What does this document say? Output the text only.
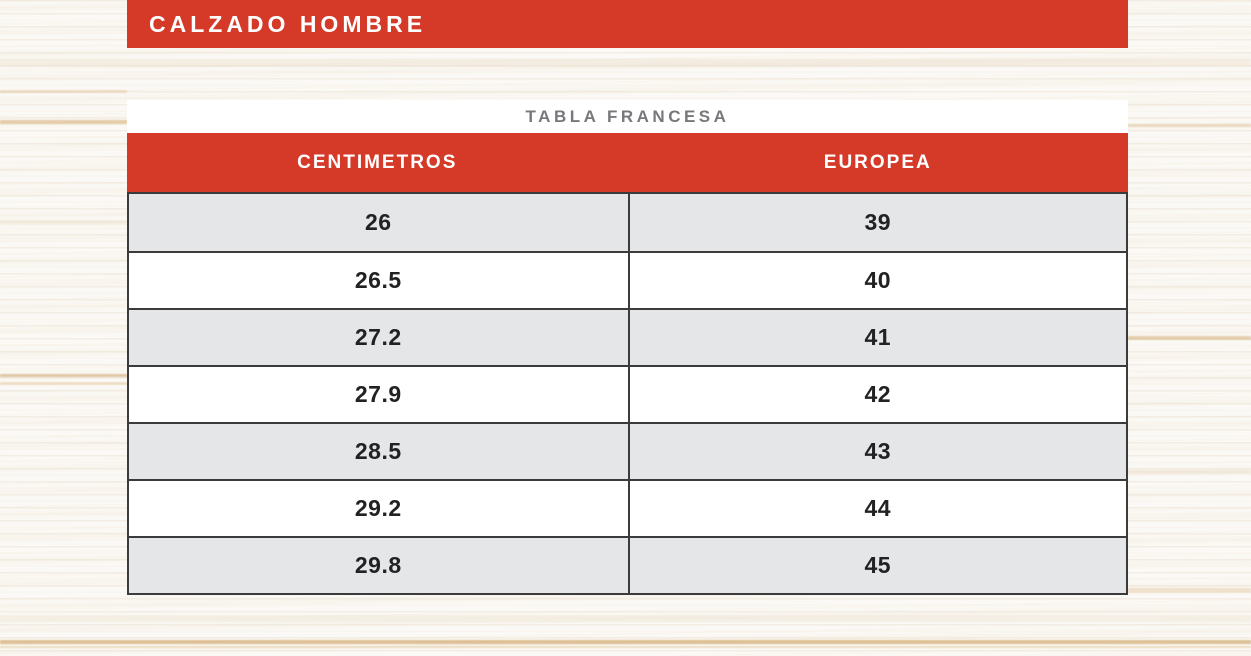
CALZADO HOMBRE
TABLA FRANCESA
CENTIMETROS	EUROPEA
26	39
26.5	40
27.2	41
27.9	42
28.5	43
29.2	44
29.8	45
